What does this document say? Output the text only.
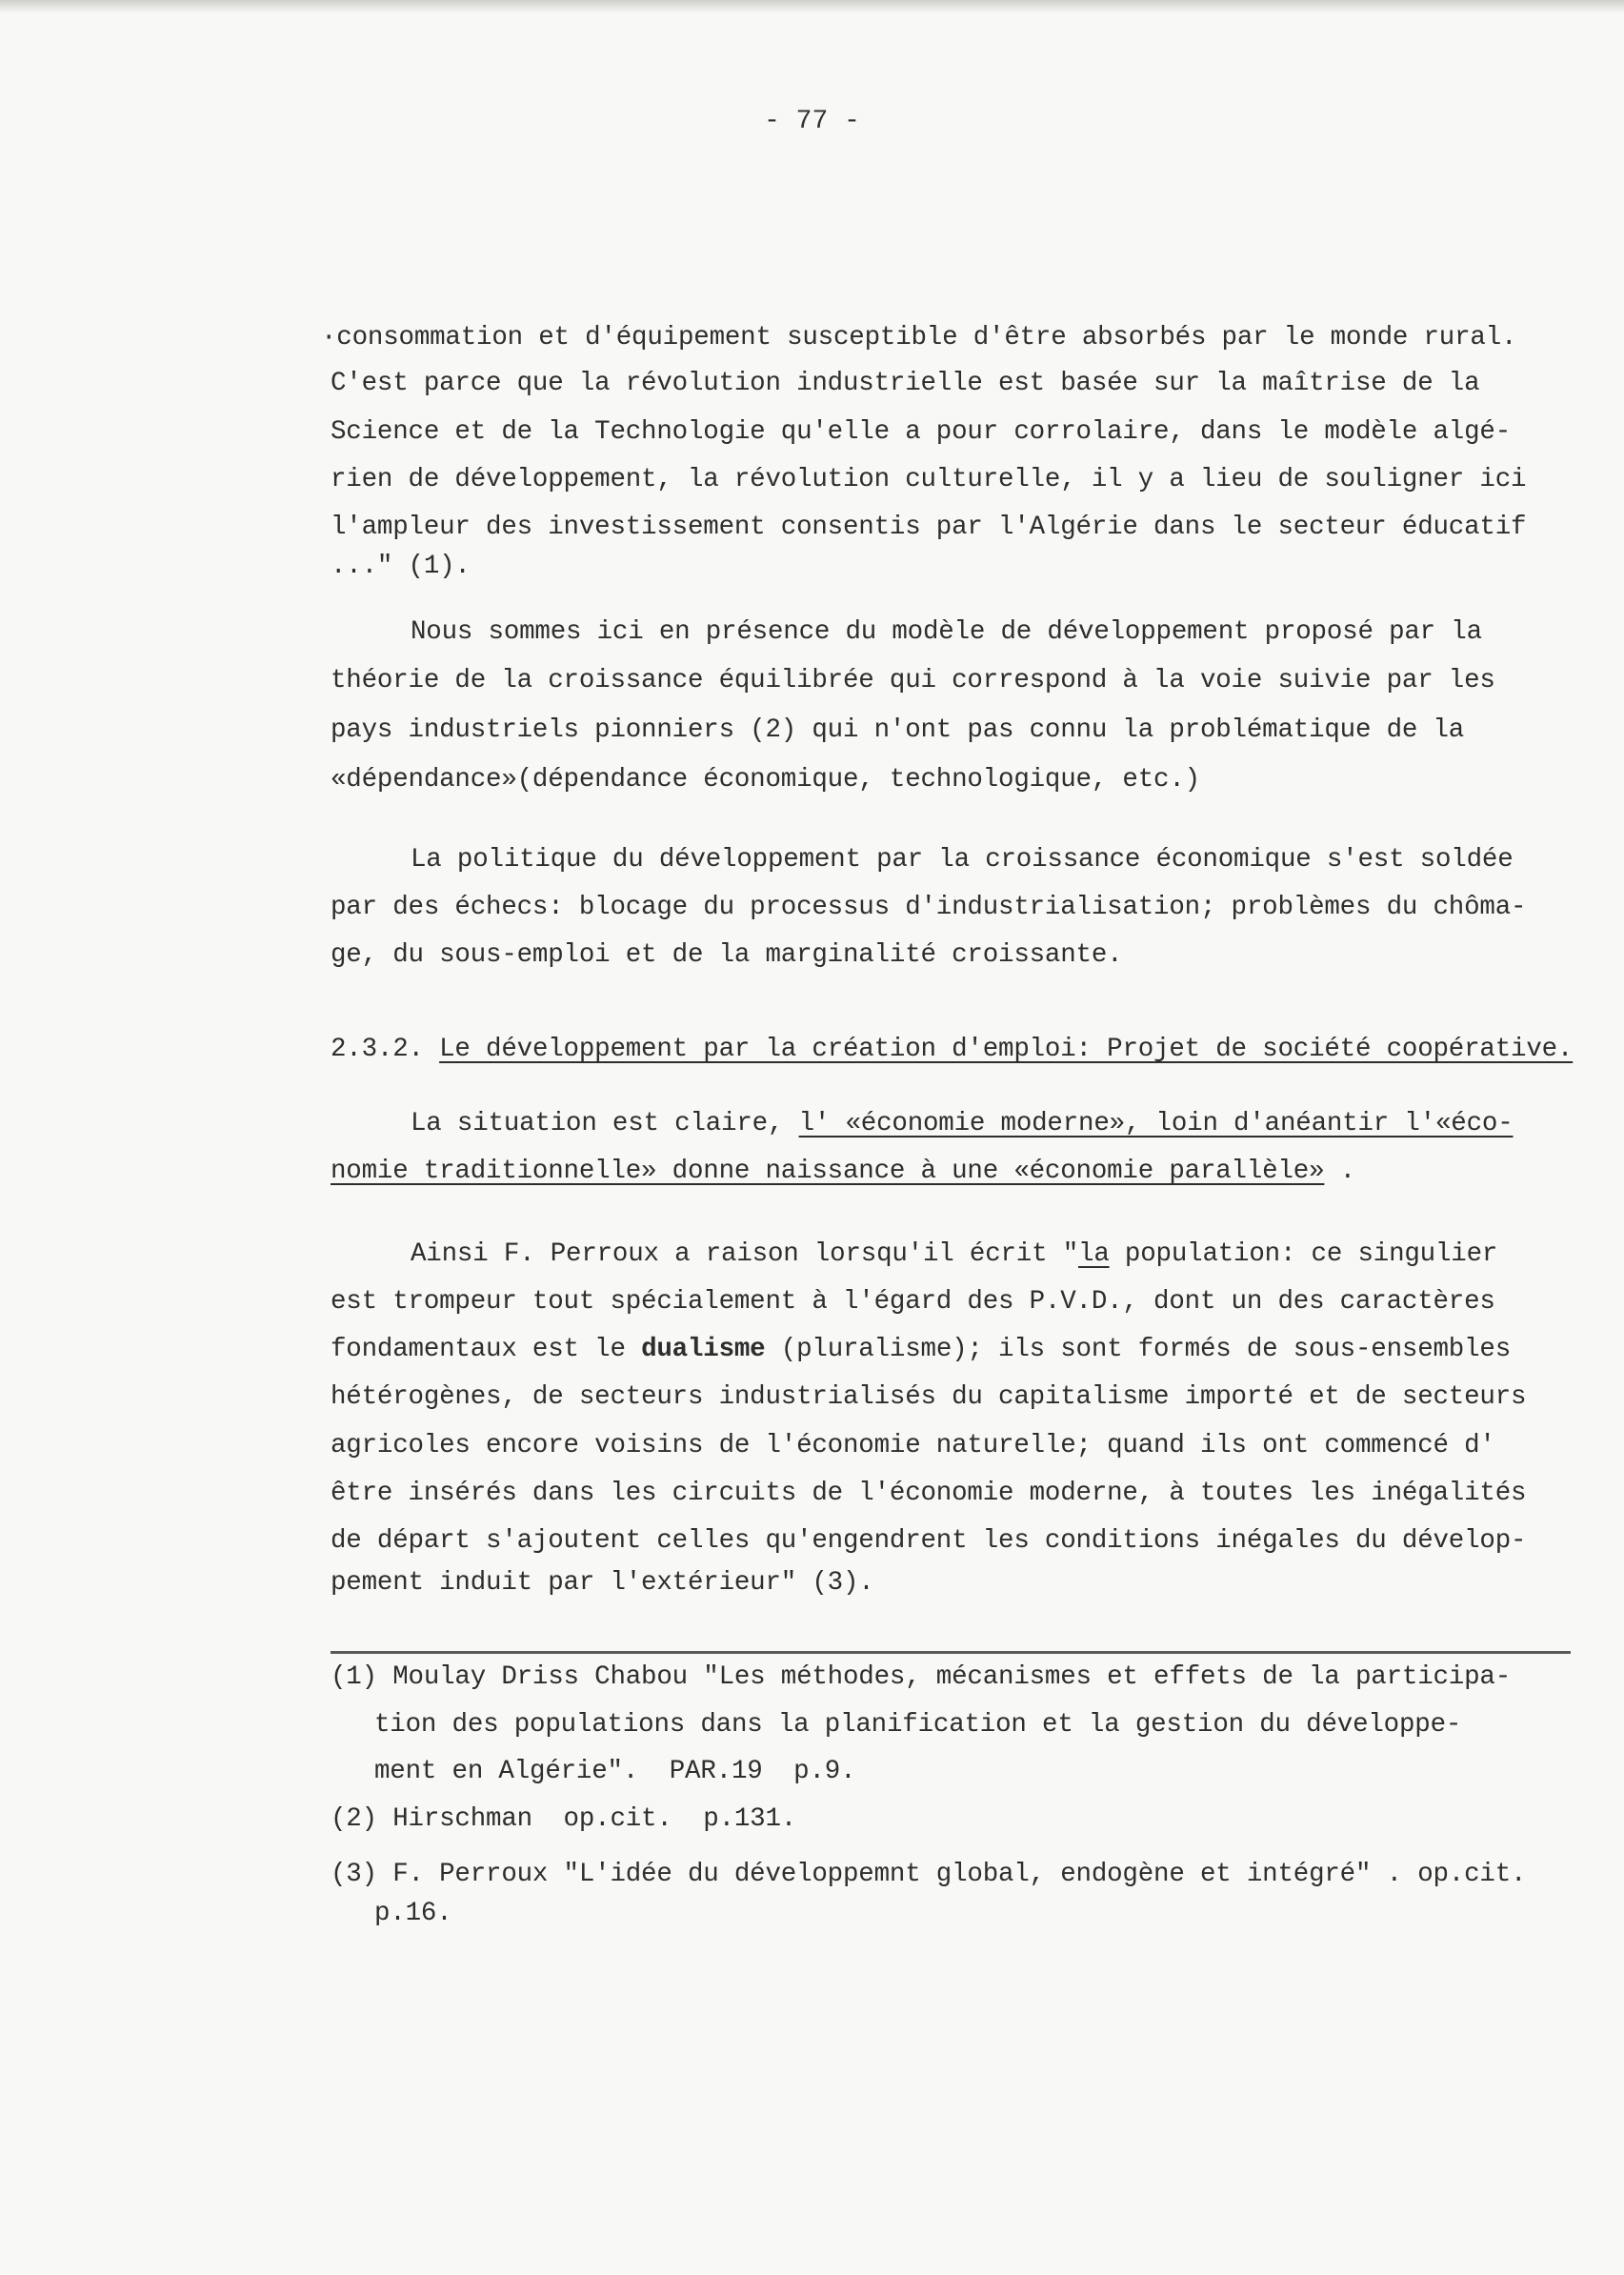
- 77 -
·consommation et d'équipement susceptible d'être absorbés par le monde rural.
C'est parce que la révolution industrielle est basée sur la maîtrise de la
Science et de la Technologie qu'elle a pour corrolaire, dans le modèle algé-
rien de développement, la révolution culturelle, il y a lieu de souligner ici
l'ampleur des investissement consentis par l'Algérie dans le secteur éducatif
..." (1).
Nous sommes ici en présence du modèle de développement proposé par la
théorie de la croissance équilibrée qui correspond à la voie suivie par les
pays industriels pionniers (2) qui n'ont pas connu la problématique de la
«dépendance»(dépendance économique, technologique, etc.)
La politique du développement par la croissance économique s'est soldée
par des échecs: blocage du processus d'industrialisation; problèmes du chôma-
ge, du sous-emploi et de la marginalité croissante.
2.3.2. Le développement par la création d'emploi: Projet de société coopérative.
La situation est claire, l' «économie moderne», loin d'anéantir l'«éco-
nomie traditionnelle» donne naissance à une «économie parallèle» .
Ainsi F. Perroux a raison lorsqu'il écrit "la population: ce singulier
est trompeur tout spécialement à l'égard des P.V.D., dont un des caractères
fondamentaux est le dualisme (pluralisme); ils sont formés de sous-ensembles
hétérogènes, de secteurs industrialisés du capitalisme importé et de secteurs
agricoles encore voisins de l'économie naturelle; quand ils ont commencé d'
être insérés dans les circuits de l'économie moderne, à toutes les inégalités
de départ s'ajoutent celles qu'engendrent les conditions inégales du dévelop-
pement induit par l'extérieur" (3).
(1) Moulay Driss Chabou "Les méthodes, mécanismes et effets de la participa-
tion des populations dans la planification et la gestion du développe-
ment en Algérie".  PAR.19  p.9.
(2) Hirschman  op.cit.  p.131.
(3) F. Perroux "L'idée du développemnt global, endogène et intégré" . op.cit.
p.16.
